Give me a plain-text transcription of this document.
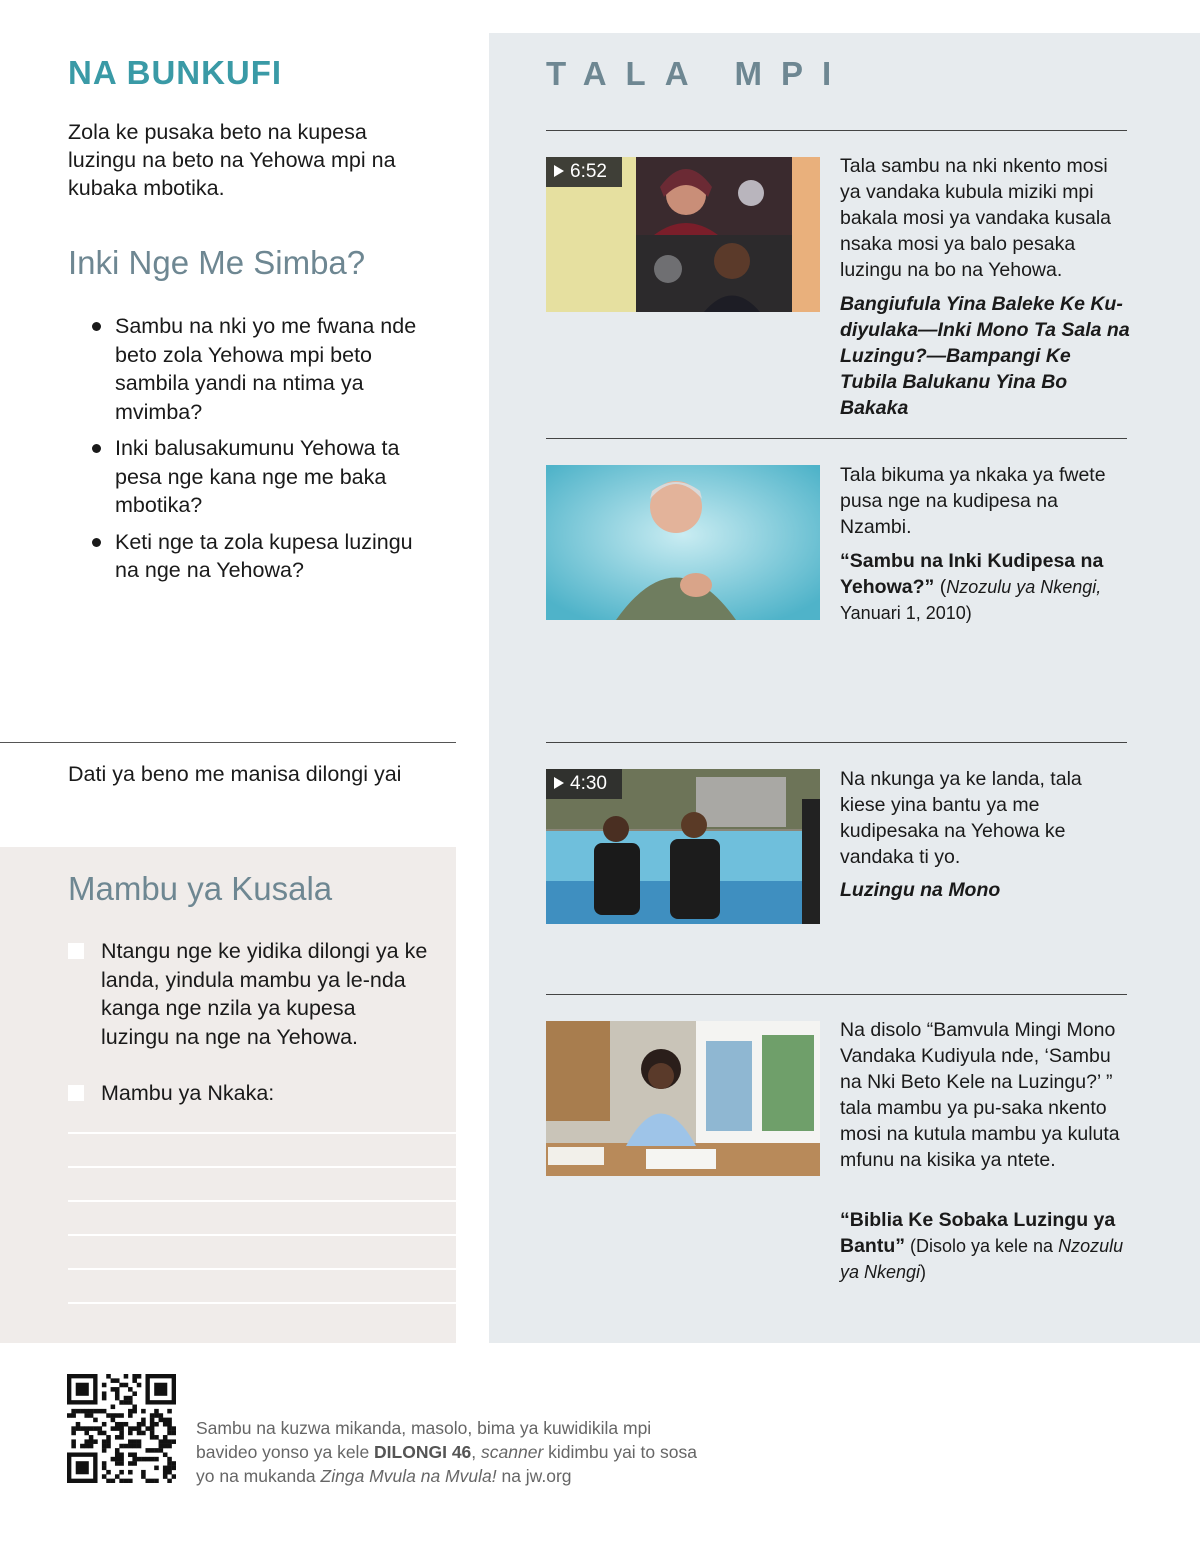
NA BUNKUFI

Zola ke pusaka beto na kupesa luzingu na beto na Yehowa mpi na kubaka mbotika.

Inki Nge Me Simba?
Sambu na nki yo me fwana nde beto zola Yehowa mpi beto sambila yandi na ntima ya mvimba?
Inki balusakumunu Yehowa ta pesa nge kana nge me baka mbotika?
Keti nge ta zola kupesa luzingu na nge na Yehowa?

Dati ya beno me manisa dilongi yai

Mambu ya Kusala
Ntangu nge ke yidika dilongi ya ke landa, yindula mambu ya le-nda kanga nge nzila ya kupesa luzingu na nge na Yehowa.
Mambu ya Nkaka:
TALA MPI
6:52	Tala sambu na nki nkento mosi ya vandaka kubula miziki mpi bakala mosi ya vandaka kusala nsaka mosi ya balo pesaka luzingu na bo na Yehowa.

Bangiufula Yina Baleke Ke Ku-diyulaka—Inki Mono Ta Sala na Luzingu?—Bampangi Ke Tubila Balukanu Yina Bo Bakaka

Tala bikuma ya nkaka ya fwete pusa nge na kudipesa na Nzambi.

“Sambu na Inki Kudipesa na Yehowa?” (Nzozulu ya Nkengi, Yanuari 1, 2010)

4:30	Na nkunga ya ke landa, tala kiese yina bantu ya me kudipesaka na Yehowa ke vandaka ti yo.

Luzingu na Mono

Na disolo “Bamvula Mingi Mono Vandaka Kudiyula nde, ‘Sambu na Nki Beto Kele na Luzingu?’ ” tala mambu ya pu-saka nkento mosi na kutula mambu ya kuluta mfunu na kisika ya ntete.

“Biblia Ke Sobaka Luzingu ya Bantu” (Disolo ya kele na Nzozulu ya Nkengi)

Sambu na kuzwa mikanda, masolo, bima ya kuwidikila mpi bavideo yonso ya kele DILONGI 46, scanner kidimbu yai to sosa yo na mukanda Zinga Mvula na Mvula! na jw.org
